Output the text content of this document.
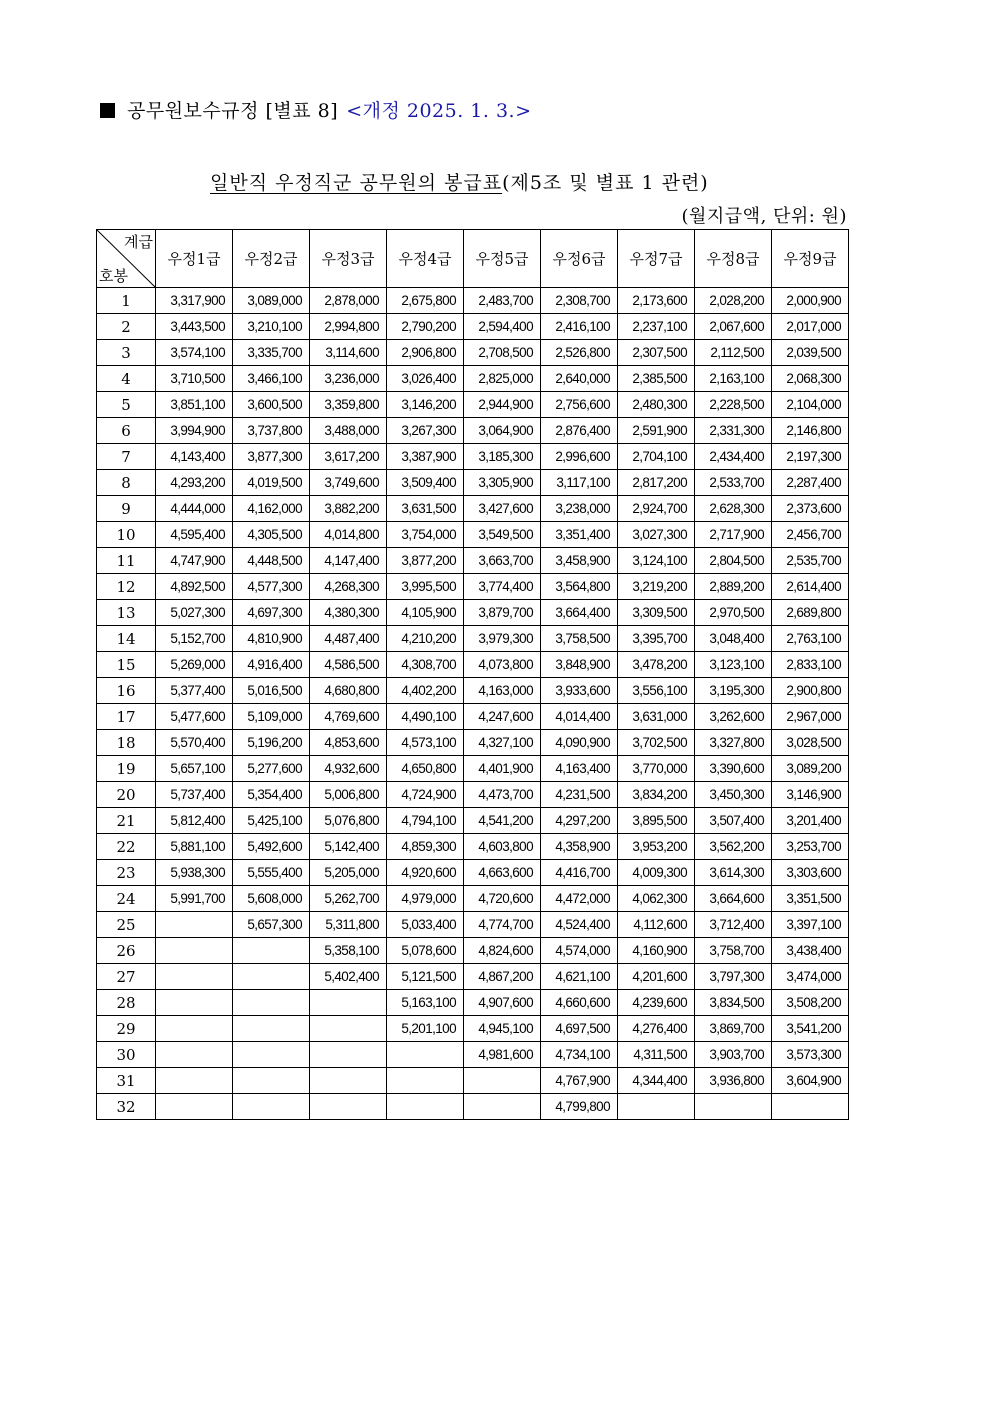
공무원보수규정 [별표 8] <개정 2025. 1. 3.>
일반직 우정직군 공무원의 봉급표(제5조 및 별표 1 관련)
(월지급액, 단위: 원)
계급
호봉	우정1급	우정2급	우정3급	우정4급	우정5급	우정6급	우정7급	우정8급	우정9급
1	3,317,900	3,089,000	2,878,000	2,675,800	2,483,700	2,308,700	2,173,600	2,028,200	2,000,900
2	3,443,500	3,210,100	2,994,800	2,790,200	2,594,400	2,416,100	2,237,100	2,067,600	2,017,000
3	3,574,100	3,335,700	3,114,600	2,906,800	2,708,500	2,526,800	2,307,500	2,112,500	2,039,500
4	3,710,500	3,466,100	3,236,000	3,026,400	2,825,000	2,640,000	2,385,500	2,163,100	2,068,300
5	3,851,100	3,600,500	3,359,800	3,146,200	2,944,900	2,756,600	2,480,300	2,228,500	2,104,000
6	3,994,900	3,737,800	3,488,000	3,267,300	3,064,900	2,876,400	2,591,900	2,331,300	2,146,800
7	4,143,400	3,877,300	3,617,200	3,387,900	3,185,300	2,996,600	2,704,100	2,434,400	2,197,300
8	4,293,200	4,019,500	3,749,600	3,509,400	3,305,900	3,117,100	2,817,200	2,533,700	2,287,400
9	4,444,000	4,162,000	3,882,200	3,631,500	3,427,600	3,238,000	2,924,700	2,628,300	2,373,600
10	4,595,400	4,305,500	4,014,800	3,754,000	3,549,500	3,351,400	3,027,300	2,717,900	2,456,700
11	4,747,900	4,448,500	4,147,400	3,877,200	3,663,700	3,458,900	3,124,100	2,804,500	2,535,700
12	4,892,500	4,577,300	4,268,300	3,995,500	3,774,400	3,564,800	3,219,200	2,889,200	2,614,400
13	5,027,300	4,697,300	4,380,300	4,105,900	3,879,700	3,664,400	3,309,500	2,970,500	2,689,800
14	5,152,700	4,810,900	4,487,400	4,210,200	3,979,300	3,758,500	3,395,700	3,048,400	2,763,100
15	5,269,000	4,916,400	4,586,500	4,308,700	4,073,800	3,848,900	3,478,200	3,123,100	2,833,100
16	5,377,400	5,016,500	4,680,800	4,402,200	4,163,000	3,933,600	3,556,100	3,195,300	2,900,800
17	5,477,600	5,109,000	4,769,600	4,490,100	4,247,600	4,014,400	3,631,000	3,262,600	2,967,000
18	5,570,400	5,196,200	4,853,600	4,573,100	4,327,100	4,090,900	3,702,500	3,327,800	3,028,500
19	5,657,100	5,277,600	4,932,600	4,650,800	4,401,900	4,163,400	3,770,000	3,390,600	3,089,200
20	5,737,400	5,354,400	5,006,800	4,724,900	4,473,700	4,231,500	3,834,200	3,450,300	3,146,900
21	5,812,400	5,425,100	5,076,800	4,794,100	4,541,200	4,297,200	3,895,500	3,507,400	3,201,400
22	5,881,100	5,492,600	5,142,400	4,859,300	4,603,800	4,358,900	3,953,200	3,562,200	3,253,700
23	5,938,300	5,555,400	5,205,000	4,920,600	4,663,600	4,416,700	4,009,300	3,614,300	3,303,600
24	5,991,700	5,608,000	5,262,700	4,979,000	4,720,600	4,472,000	4,062,300	3,664,600	3,351,500
25		5,657,300	5,311,800	5,033,400	4,774,700	4,524,400	4,112,600	3,712,400	3,397,100
26			5,358,100	5,078,600	4,824,600	4,574,000	4,160,900	3,758,700	3,438,400
27			5,402,400	5,121,500	4,867,200	4,621,100	4,201,600	3,797,300	3,474,000
28				5,163,100	4,907,600	4,660,600	4,239,600	3,834,500	3,508,200
29				5,201,100	4,945,100	4,697,500	4,276,400	3,869,700	3,541,200
30					4,981,600	4,734,100	4,311,500	3,903,700	3,573,300
31						4,767,900	4,344,400	3,936,800	3,604,900
32						4,799,800			
